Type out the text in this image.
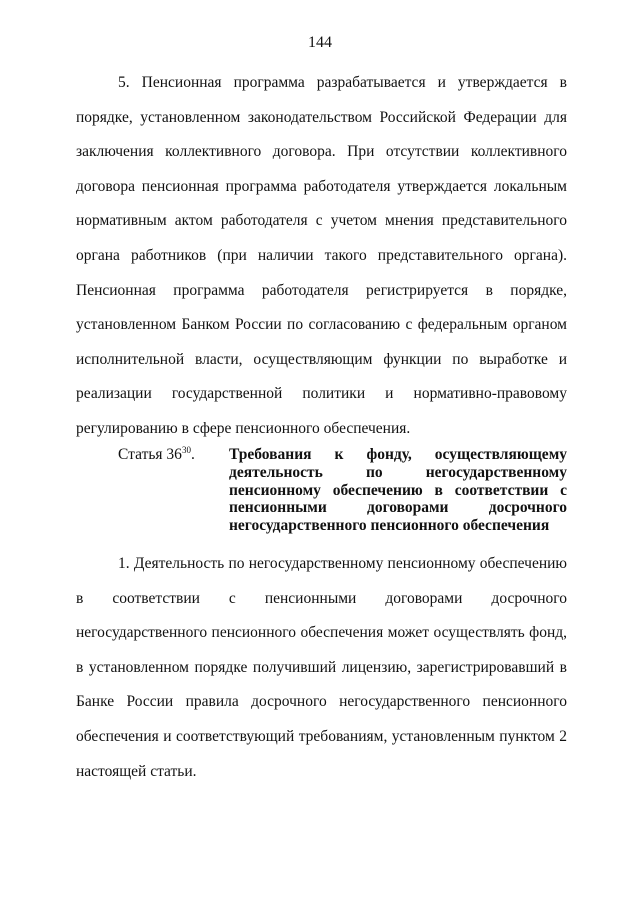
144

5. Пенсионная программа разрабатывается и утверждается в порядке, установленном законодательством Российской Федерации для заключения коллективного договора. При отсутствии коллективного договора пенсионная программа работодателя утверждается локальным нормативным актом работодателя с учетом мнения представительного органа работников (при наличии такого представительного органа). Пенсионная программа работодателя регистрируется в порядке, установленном Банком России по согласованию с федеральным органом исполнительной власти, осуществляющим функции по выработке и реализации государственной политики и нормативно-правовому регулированию в сфере пенсионного обеспечения.

Статья $36^{30}$. Требования к фонду, осуществляющему деятельность по негосударственному пенсионному обеспечению в соответствии с пенсионными договорами досрочного негосударственного пенсионного обеспечения

1. Деятельность по негосударственному пенсионному обеспечению в соответствии с пенсионными договорами досрочного негосударственного пенсионного обеспечения может осуществлять фонд, в установленном порядке получивший лицензию, зарегистрировавший в Банке России правила досрочного негосударственного пенсионного обеспечения и соответствующий требованиям, установленным пунктом 2 настоящей статьи.
